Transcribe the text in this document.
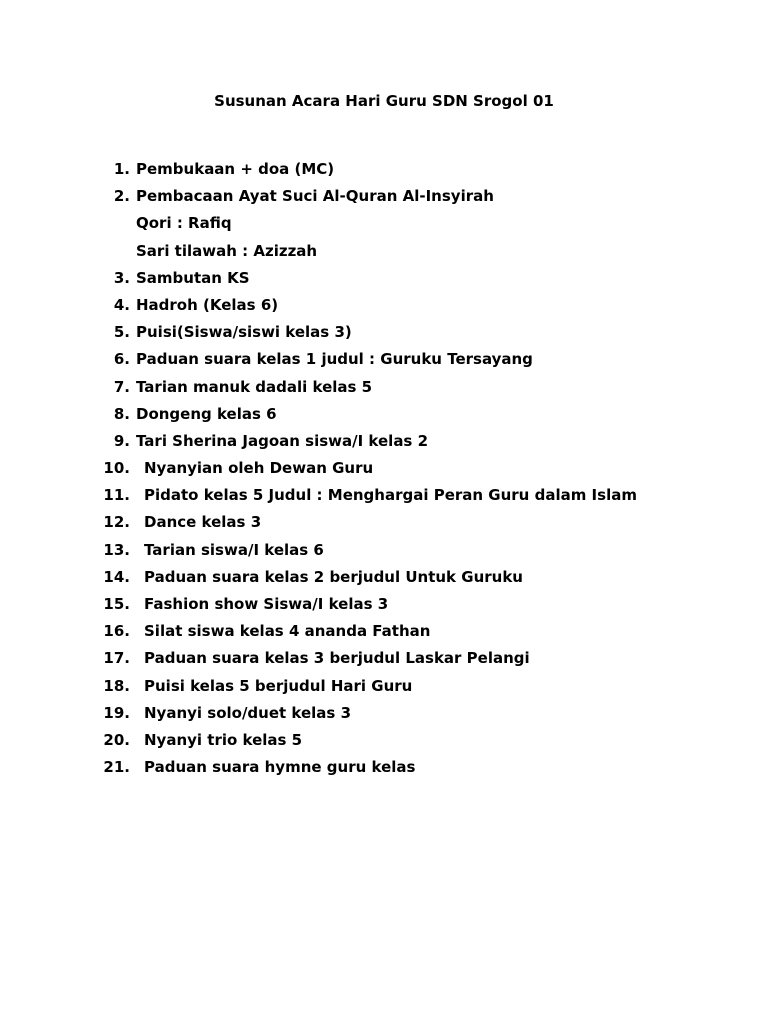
Susunan Acara Hari Guru SDN Srogol 01
1. Pembukaan + doa (MC)
2. Pembacaan Ayat Suci Al-Quran Al-Insyirah
Qori : Rafiq
Sari tilawah : Azizzah
3. Sambutan KS
4. Hadroh (Kelas 6)
5. Puisi(Siswa/siswi kelas 3)
6. Paduan suara kelas 1 judul : Guruku Tersayang
7. Tarian manuk dadali kelas 5
8. Dongeng kelas 6
9. Tari Sherina Jagoan siswa/I kelas 2
10. Nyanyian oleh Dewan Guru
11. Pidato kelas 5 Judul : Menghargai Peran Guru dalam Islam
12. Dance kelas 3
13. Tarian siswa/I kelas 6
14. Paduan suara kelas 2 berjudul Untuk Guruku
15. Fashion show Siswa/I kelas 3
16. Silat siswa kelas 4 ananda Fathan
17. Paduan suara kelas 3 berjudul Laskar Pelangi
18. Puisi kelas 5 berjudul Hari Guru
19. Nyanyi solo/duet kelas 3
20. Nyanyi trio kelas 5
21. Paduan suara hymne guru kelas
